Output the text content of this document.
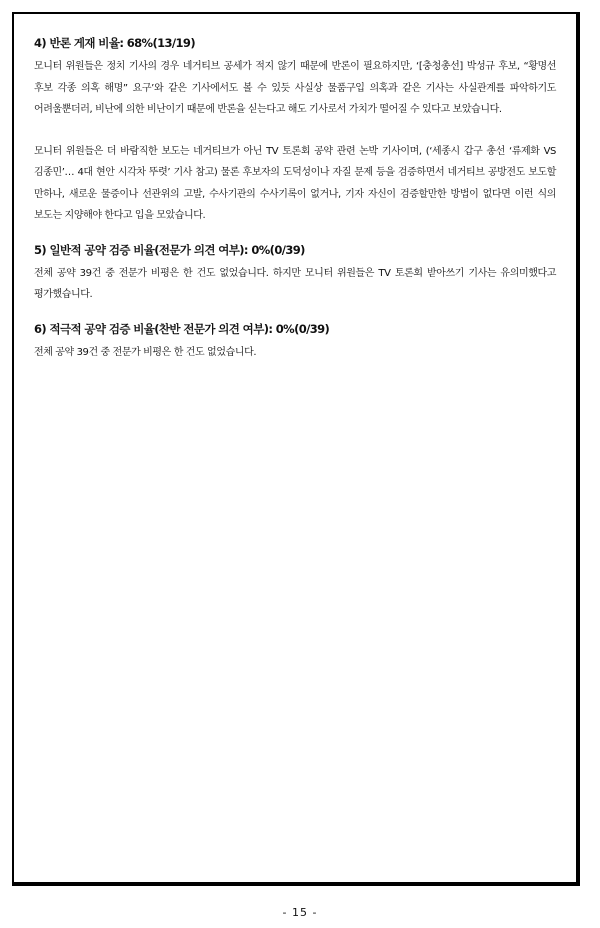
4) 반론 게재 비율: 68%(13/19)

모니터 위원들은 정치 기사의 경우 네거티브 공세가 적지 않기 때문에 반론이 필요하지만, ‘[충청총선] 박성규 후보, “황명선 후보 각종 의혹 해명” 요구’와 같은 기사에서도 볼 수 있듯 사실상 물품구입 의혹과 같은 기사는 사실관계를 파악하기도 어려울뿐더러, 비난에 의한 비난이기 때문에 반론을 싣는다고 해도 기사로서 가치가 떨어질 수 있다고 보았습니다.

모니터 위원들은 더 바람직한 보도는 네거티브가 아닌 TV 토론회 공약 관련 논박 기사이며, (‘세종시 갑구 총선 ‘류제화 VS 김종민’… 4대 현안 시각차 뚜렷’ 기사 참고) 물론 후보자의 도덕성이나 자질 문제 등을 검증하면서 네거티브 공방전도 보도할 만하나, 새로운 물증이나 선관위의 고발, 수사기관의 수사기록이 없거나, 기자 자신이 검증할만한 방법이 없다면 이런 식의 보도는 지양해야 한다고 입을 모았습니다.

5) 일반적 공약 검증 비율(전문가 의견 여부): 0%(0/39)

전체 공약 39건 중 전문가 비평은 한 건도 없었습니다. 하지만 모니터 위원들은 TV 토론회 받아쓰기 기사는 유의미했다고 평가했습니다.

6) 적극적 공약 검증 비율(찬반 전문가 의견 여부): 0%(0/39)

전체 공약 39건 중 전문가 비평은 한 건도 없었습니다.

- 15 -
